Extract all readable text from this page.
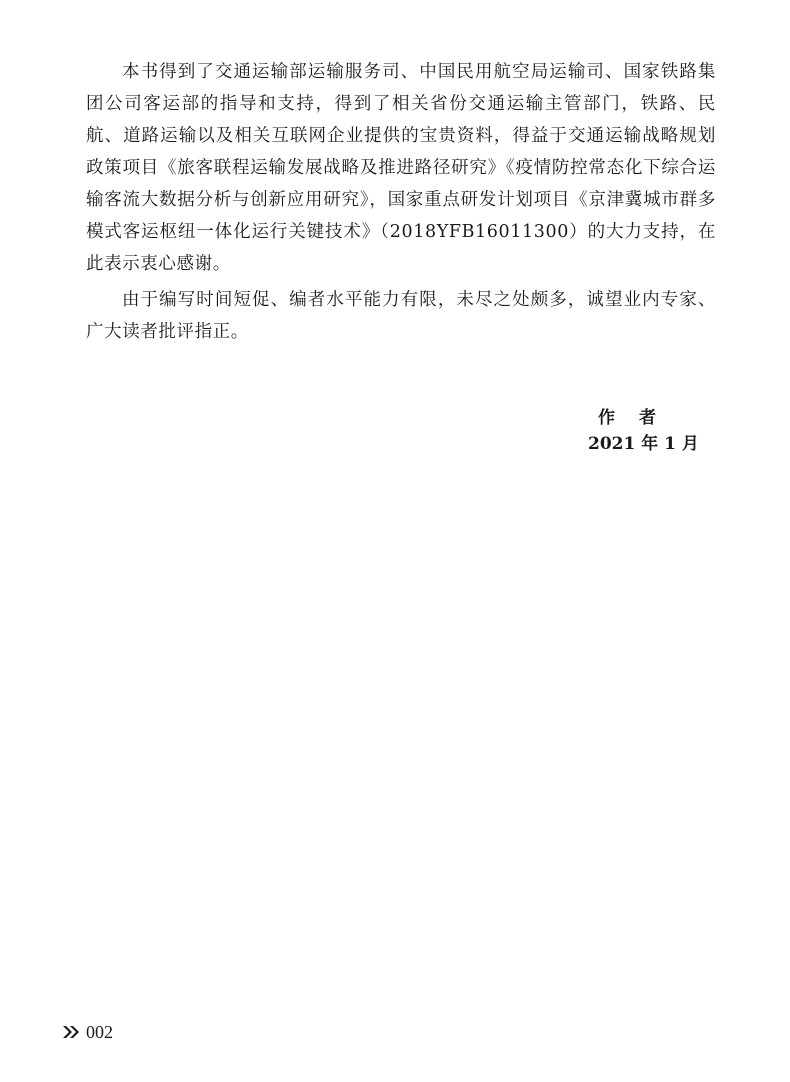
本书得到了交通运输部运输服务司、中国民用航空局运输司、国家铁路集团公司客运部的指导和支持，得到了相关省份交通运输主管部门，铁路、民航、道路运输以及相关互联网企业提供的宝贵资料，得益于交通运输战略规划政策项目《旅客联程运输发展战略及推进路径研究》《疫情防控常态化下综合运输客流大数据分析与创新应用研究》，国家重点研发计划项目《京津冀城市群多模式客运枢纽一体化运行关键技术》（2018YFB16011300）的大力支持，在此表示衷心感谢。

由于编写时间短促、编者水平能力有限，未尽之处颇多，诚望业内专家、广大读者批评指正。

作者
2021 年 1 月
002
